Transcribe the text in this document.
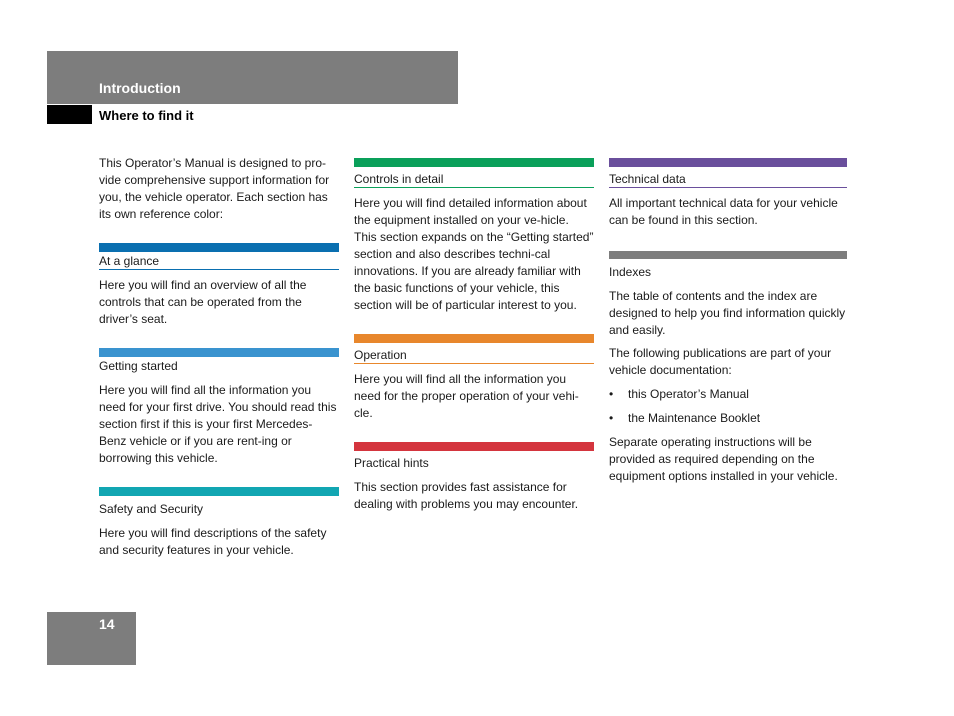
Introduction
Where to find it

This Operator’s Manual is designed to pro-vide comprehensive support information for you, the vehicle operator. Each section has its own reference color:

At a glance

Here you will find an overview of all the controls that can be operated from the driver’s seat.

Getting started

Here you will find all the information you need for your first drive. You should read this section first if this is your first Mercedes-Benz vehicle or if you are rent-ing or borrowing this vehicle.

Safety and Security

Here you will find descriptions of the safety and security features in your vehicle.

Controls in detail

Here you will find detailed information about the equipment installed on your ve-hicle. This section expands on the “Getting started” section and also describes techni-cal innovations. If you are already familiar with the basic functions of your vehicle, this section will be of particular interest to you.

Operation

Here you will find all the information you need for the proper operation of your vehi-cle.

Practical hints

This section provides fast assistance for dealing with problems you may encounter.

Technical data

All important technical data for your vehicle can be found in this section.

Indexes

The table of contents and the index are designed to help you find information quickly and easily.

The following publications are part of your vehicle documentation:

• this Operator’s Manual
• the Maintenance Booklet

Separate operating instructions will be provided as required depending on the equipment options installed in your vehicle.

14
